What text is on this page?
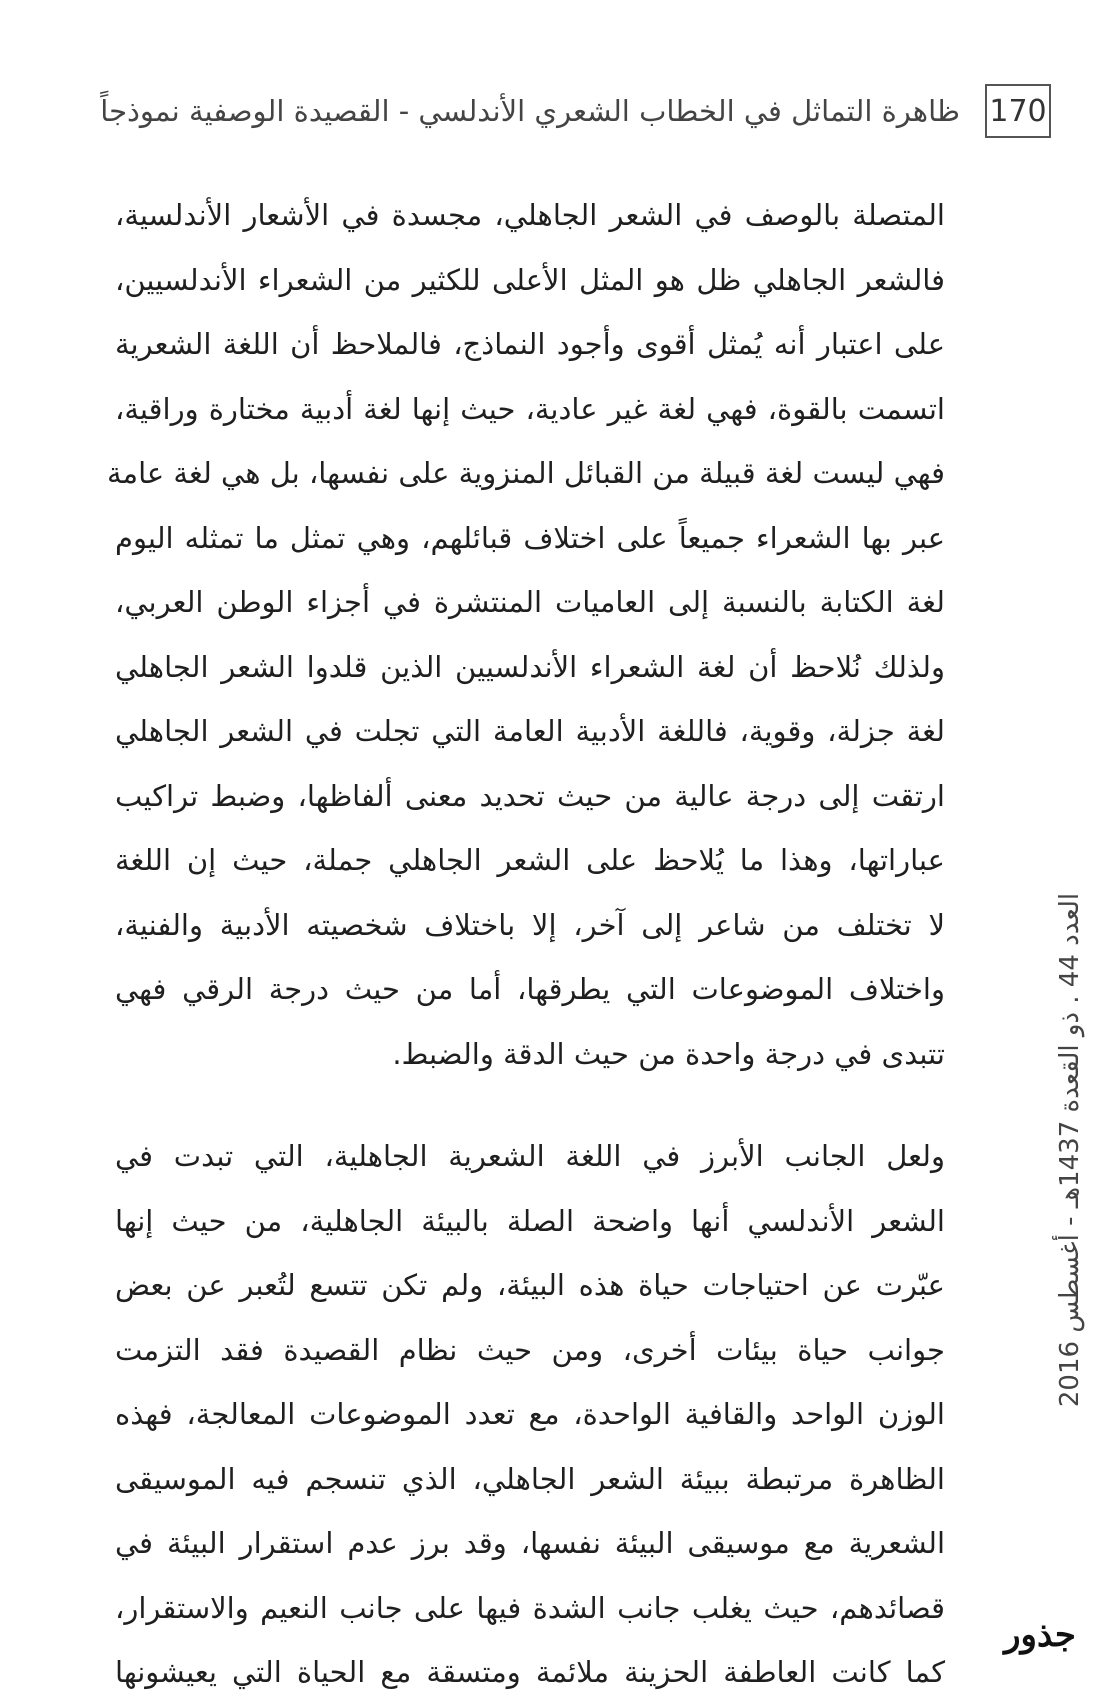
170
ظاهرة التماثل في الخطاب الشعري الأندلسي - القصيدة الوصفية نموذجاً
المتصلة بالوصف في الشعر الجاهلي، مجسدة في الأشعار الأندلسية،
فالشعر الجاهلي ظل هو المثل الأعلى للكثير من الشعراء الأندلسيين،
على اعتبار أنه يُمثل أقوى وأجود النماذج، فالملاحظ أن اللغة الشعرية
اتسمت بالقوة، فهي لغة غير عادية، حيث إنها لغة أدبية مختارة وراقية،
فهي ليست لغة قبيلة من القبائل المنزوية على نفسها، بل هي لغة عامة
عبر بها الشعراء جميعاً على اختلاف قبائلهم، وهي تمثل ما تمثله اليوم
لغة الكتابة بالنسبة إلى العاميات المنتشرة في أجزاء الوطن العربي،
ولذلك نُلاحظ أن لغة الشعراء الأندلسيين الذين قلدوا الشعر الجاهلي
لغة جزلة، وقوية، فاللغة الأدبية العامة التي تجلت في الشعر الجاهلي
ارتقت إلى درجة عالية من حيث تحديد معنى ألفاظها، وضبط تراكيب
عباراتها، وهذا ما يُلاحظ على الشعر الجاهلي جملة، حيث إن اللغة
لا تختلف من شاعر إلى آخر، إلا باختلاف شخصيته الأدبية والفنية،
واختلاف الموضوعات التي يطرقها، أما من حيث درجة الرقي فهي
تتبدى في درجة واحدة من حيث الدقة والضبط.
ولعل الجانب الأبرز في اللغة الشعرية الجاهلية، التي تبدت في
الشعر الأندلسي أنها واضحة الصلة بالبيئة الجاهلية، من حيث إنها
عبّرت عن احتياجات حياة هذه البيئة، ولم تكن تتسع لتُعبر عن بعض
جوانب حياة بيئات أخرى، ومن حيث نظام القصيدة فقد التزمت
الوزن الواحد والقافية الواحدة، مع تعدد الموضوعات المعالجة، فهذه
الظاهرة مرتبطة ببيئة الشعر الجاهلي، الذي تنسجم فيه الموسيقى
الشعرية مع موسيقى البيئة نفسها، وقد برز عدم استقرار البيئة في
قصائدهم، حيث يغلب جانب الشدة فيها على جانب النعيم والاستقرار،
كما كانت العاطفة الحزينة ملائمة ومتسقة مع الحياة التي يعيشونها
العدد 44 . ذو القعدة 1437هـ - أغسطس 2016
جذور
